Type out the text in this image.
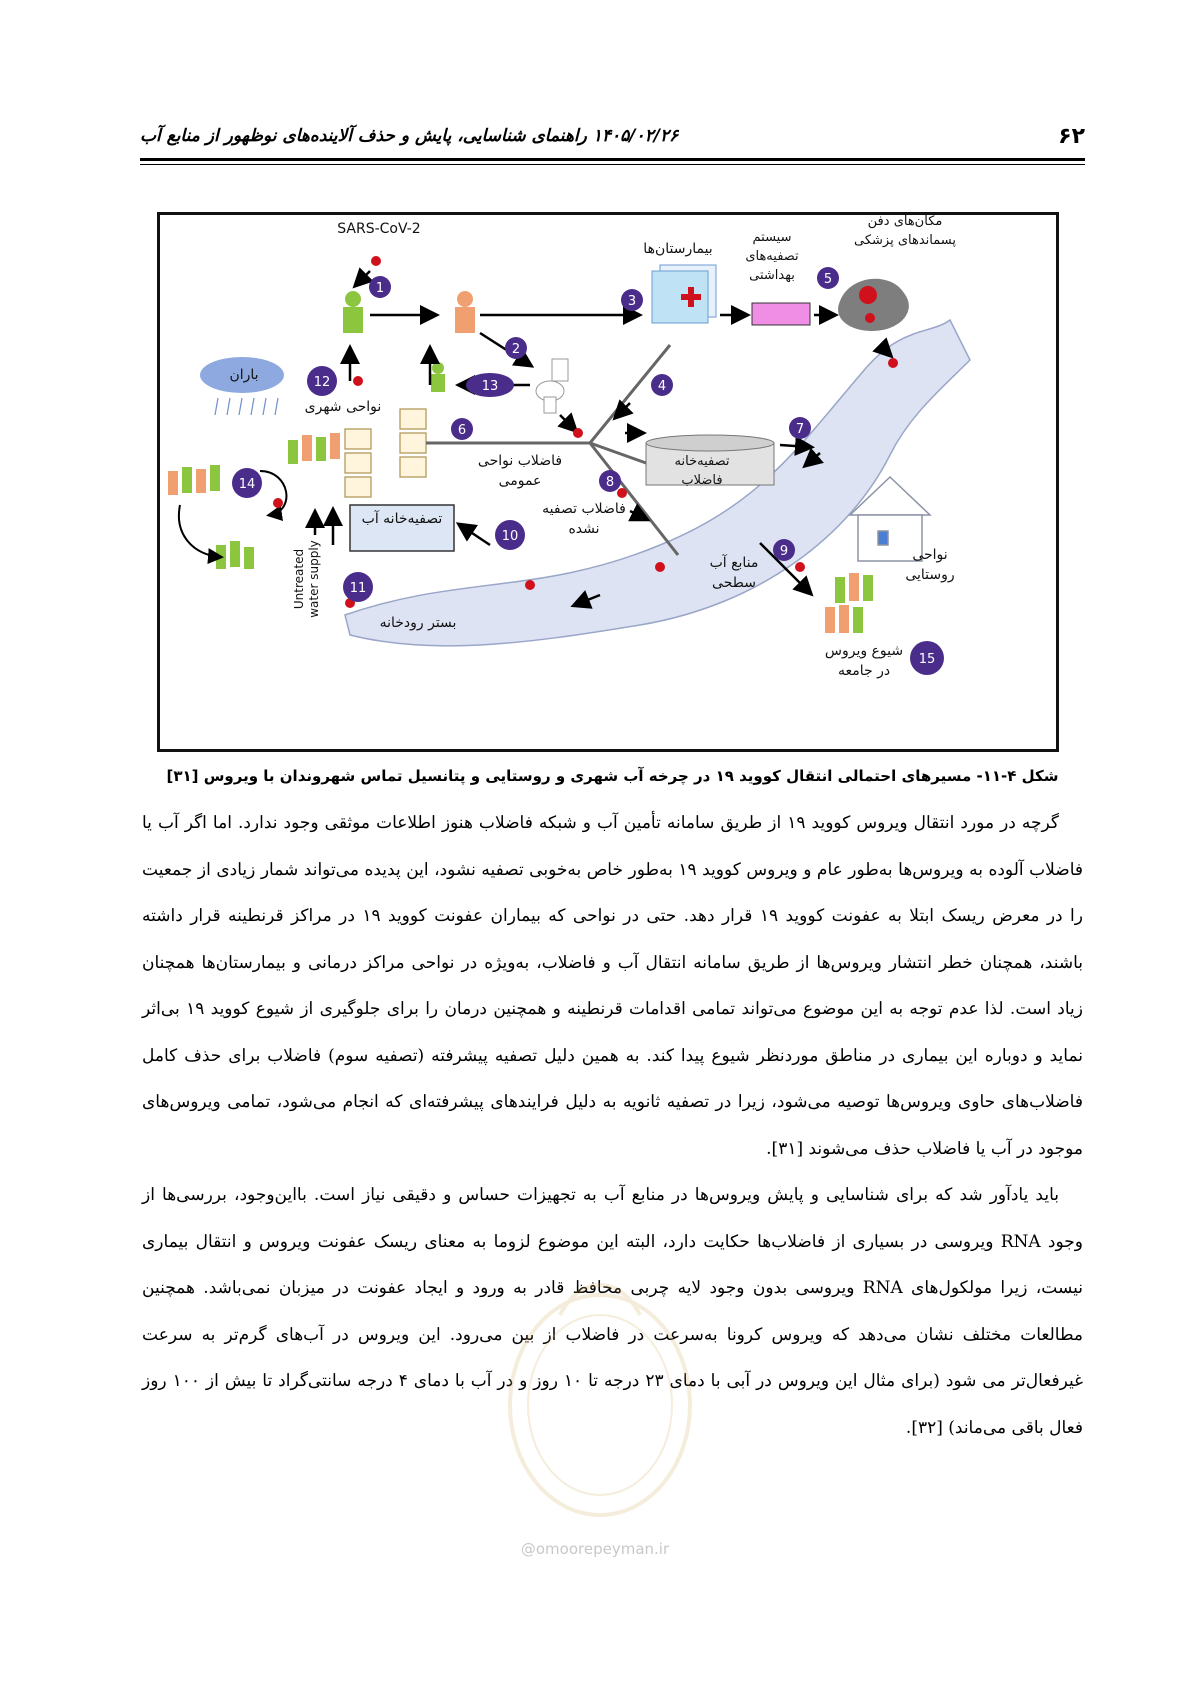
۶۲
۱۴۰۵/۰۲/۲۶ راهنمای شناسایی، پایش و حذف آلاینده‌های نوظهور از منابع آب
1
2
3
4
5
6	7
8
9
10
11
12	13
14
15
SARS-CoV-2
بیمارستان‌ها
سیستم
تصفیه‌های
بهداشتی
مکان‌های دفن
پسماندهای پزشکی
باران
نواحی شهری
فاضلاب نواحی
عمومی
تصفیه‌خانه
فاضلاب
فاضلاب تصفیه
نشده
تصفیه‌خانه آب
Untreated
water supply
بستر رودخانه
منابع آب
سطحی
نواحی
روستایی
شیوع ویروس
در جامعه
شکل ۴-۱۱- مسیرهای احتمالی انتقال کووید ۱۹ در چرخه آب شهری و روستایی و پتانسیل تماس شهروندان با ویروس [۳۱]

گرچه در مورد انتقال ویروس کووید ۱۹ از طریق سامانه تأمین آب و شبکه فاضلاب هنوز اطلاعات موثقی وجود ندارد. اما اگر آب یا فاضلاب آلوده به ویروس‌ها به‌طور عام و ویروس کووید ۱۹ به‌طور خاص به‌خوبی تصفیه نشود، این پدیده می‌تواند شمار زیادی از جمعیت را در معرض ریسک ابتلا به عفونت کووید ۱۹ قرار دهد. حتی در نواحی که بیماران عفونت کووید ۱۹ در مراکز قرنطینه قرار داشته باشند، همچنان خطر انتشار ویروس‌ها از طریق سامانه انتقال آب و فاضلاب، به‌ویژه در نواحی مراکز درمانی و بیمارستان‌ها همچنان زیاد است. لذا عدم توجه به این موضوع می‌تواند تمامی اقدامات قرنطینه و همچنین درمان را برای جلوگیری از شیوع کووید ۱۹ بی‌اثر نماید و دوباره این بیماری در مناطق موردنظر شیوع پیدا کند. به همین دلیل تصفیه پیشرفته (تصفیه سوم) فاضلاب برای حذف کامل فاضلاب‌های حاوی ویروس‌ها توصیه می‌شود، زیرا در تصفیه ثانویه به دلیل فرایندهای پیشرفته‌ای که انجام می‌شود، تمامی ویروس‌های موجود در آب یا فاضلاب حذف می‌شوند [۳۱].

باید یادآور شد که برای شناسایی و پایش ویروس‌ها در منابع آب به تجهیزات حساس و دقیقی نیاز است. بااین‌وجود، بررسی‌ها از وجود RNA ویروسی در بسیاری از فاضلاب‌ها حکایت دارد، البته این موضوع لزوما به معنای ریسک عفونت ویروس و انتقال بیماری نیست، زیرا مولکول‌های RNA ویروسی بدون وجود لایه چربی محافظ قادر به ورود و ایجاد عفونت در میزبان نمی‌باشد. همچنین مطالعات مختلف نشان می‌دهد که ویروس کرونا به‌سرعت در فاضلاب از بین می‌رود. این ویروس در آب‌های گرم‌تر به سرعت غیرفعال‌تر می شود (برای مثال این ویروس در آبی با دمای ۲۳ درجه تا ۱۰ روز و در آب با دمای ۴ درجه سانتی‌گراد تا بیش از ۱۰۰ روز فعال باقی می‌ماند) [۳۲].

@omoorepeyman.ir
